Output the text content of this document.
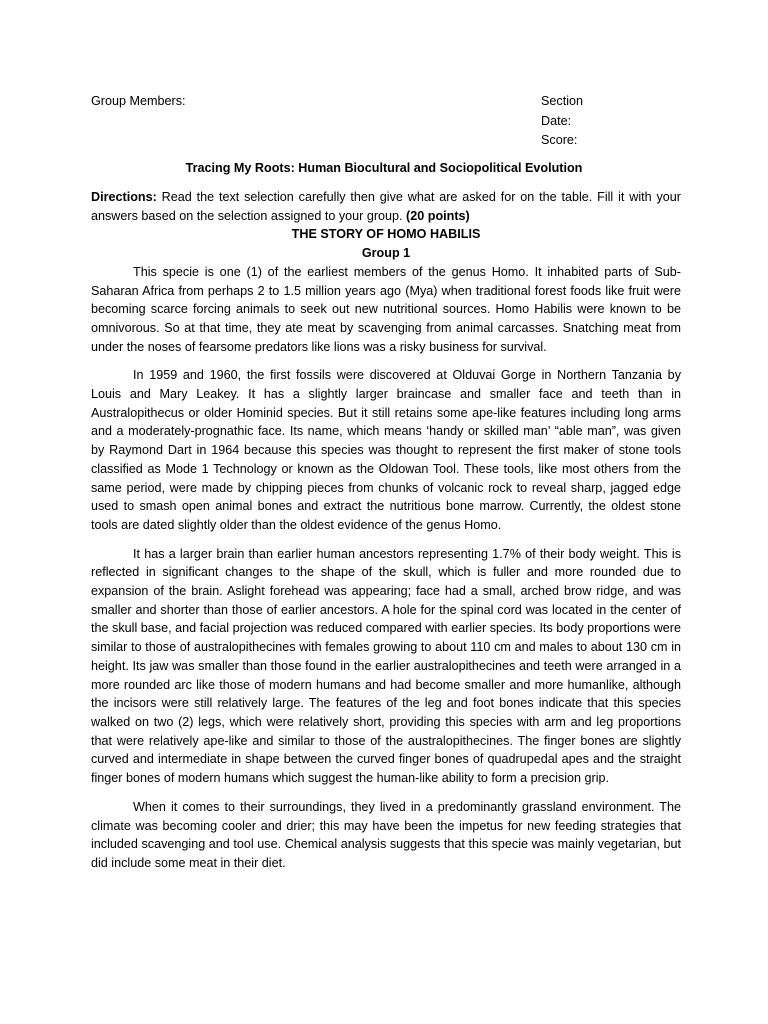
Group Members:	Section
Date:
Score:
Tracing My Roots: Human Biocultural and Sociopolitical Evolution

Directions: Read the text selection carefully then give what are asked for on the table. Fill it with your answers based on the selection assigned to your group. (20 points)

THE STORY OF HOMO HABILIS

Group 1

This specie is one (1) of the earliest members of the genus Homo. It inhabited parts of Sub-Saharan Africa from perhaps 2 to 1.5 million years ago (Mya) when traditional forest foods like fruit were becoming scarce forcing animals to seek out new nutritional sources. Homo Habilis were known to be omnivorous. So at that time, they ate meat by scavenging from animal carcasses. Snatching meat from under the noses of fearsome predators like lions was a risky business for survival.

In 1959 and 1960, the first fossils were discovered at Olduvai Gorge in Northern Tanzania by Louis and Mary Leakey. It has a slightly larger braincase and smaller face and teeth than in Australopithecus or older Hominid species. But it still retains some ape-like features including long arms and a moderately-prognathic face. Its name, which means ‘handy or skilled man’ “able man”, was given by Raymond Dart in 1964 because this species was thought to represent the first maker of stone tools classified as Mode 1 Technology or known as the Oldowan Tool. These tools, like most others from the same period, were made by chipping pieces from chunks of volcanic rock to reveal sharp, jagged edge used to smash open animal bones and extract the nutritious bone marrow. Currently, the oldest stone tools are dated slightly older than the oldest evidence of the genus Homo.

It has a larger brain than earlier human ancestors representing 1.7% of their body weight. This is reflected in significant changes to the shape of the skull, which is fuller and more rounded due to expansion of the brain. Aslight forehead was appearing; face had a small, arched brow ridge, and was smaller and shorter than those of earlier ancestors. A hole for the spinal cord was located in the center of the skull base, and facial projection was reduced compared with earlier species. Its body proportions were similar to those of australopithecines with females growing to about 110 cm and males to about 130 cm in height. Its jaw was smaller than those found in the earlier australopithecines and teeth were arranged in a more rounded arc like those of modern humans and had become smaller and more humanlike, although the incisors were still relatively large. The features of the leg and foot bones indicate that this species walked on two (2) legs, which were relatively short, providing this species with arm and leg proportions that were relatively ape-like and similar to those of the australopithecines. The finger bones are slightly curved and intermediate in shape between the curved finger bones of quadrupedal apes and the straight finger bones of modern humans which suggest the human-like ability to form a precision grip.

When it comes to their surroundings, they lived in a predominantly grassland environment. The climate was becoming cooler and drier; this may have been the impetus for new feeding strategies that included scavenging and tool use. Chemical analysis suggests that this specie was mainly vegetarian, but did include some meat in their diet.
